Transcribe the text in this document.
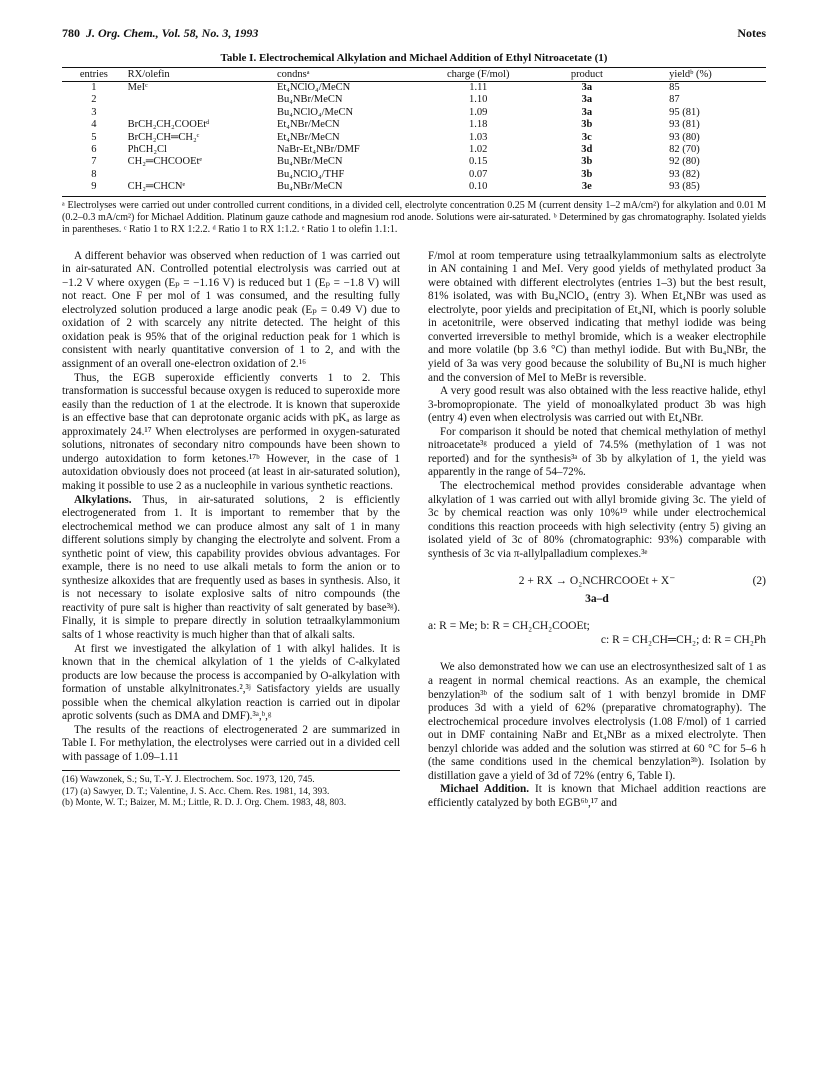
780 J. Org. Chem., Vol. 58, No. 3, 1993	Notes
Table I. Electrochemical Alkylation and Michael Addition of Ethyl Nitroacetate (1)
entries	RX/olefin	condnsᵃ	charge (F/mol)	product	yieldᵇ (%)
1	MeIᶜ	Et₄NClO₄/MeCN	1.11	3a	85
2		Bu₄NBr/MeCN	1.10	3a	87
3		Bu₄NClO₄/MeCN	1.09	3a	95 (81)
4	BrCH₂CH₂COOEtᵈ	Et₄NBr/MeCN	1.18	3b	93 (81)
5	BrCH₂CH═CH₂ᶜ	Et₄NBr/MeCN	1.03	3c	93 (80)
6	PhCH₂Cl	NaBr-Et₄NBr/DMF	1.02	3d	82 (70)
7	CH₂═CHCOOEtᵉ	Bu₄NBr/MeCN	0.15	3b	92 (80)
8		Bu₄NClO₄/THF	0.07	3b	93 (82)
9	CH₂═CHCNᵉ	Bu₄NBr/MeCN	0.10	3e	93 (85)
ᵃ Electrolyses were carried out under controlled current conditions, in a divided cell, electrolyte concentration 0.25 M (current density 1–2 mA/cm²) for alkylation and 0.01 M (0.2–0.3 mA/cm²) for Michael Addition. Platinum gauze cathode and magnesium rod anode. Solutions were air-saturated. ᵇ Determined by gas chromatography. Isolated yields in parentheses. ᶜ Ratio 1 to RX 1:2.2. ᵈ Ratio 1 to RX 1:1.2. ᵉ Ratio 1 to olefin 1.1:1.

A different behavior was observed when reduction of 1 was carried out in air-saturated AN. Controlled potential electrolysis was carried out at −1.2 V where oxygen (Eₚ = −1.16 V) is reduced but 1 (Eₚ = −1.8 V) will not react. One F per mol of 1 was consumed, and the resulting fully electrolyzed solution produced a large anodic peak (Eₚ = 0.49 V) due to oxidation of 2 with scarcely any nitrite detected. The height of this oxidation peak is 95% that of the original reduction peak for 1 which is consistent with nearly quantitative conversion of 1 to 2, and with the assignment of an overall one-electron oxidation of 2.¹⁶

Thus, the EGB superoxide efficiently converts 1 to 2. This transformation is successful because oxygen is reduced to superoxide more easily than the reduction of 1 at the electrode. It is known that superoxide is an effective base that can deprotonate organic acids with pKₐ as large as approximately 24.¹⁷ When electrolyses are performed in oxygen-saturated solutions, nitronates of secondary nitro compounds have been shown to undergo autoxidation to form ketones.¹⁷ᵇ However, in the case of 1 autoxidation obviously does not proceed (at least in air-saturated solution), making it possible to use 2 as a nucleophile in various synthetic reactions.

Alkylations. Thus, in air-saturated solutions, 2 is efficiently electrogenerated from 1. It is important to remember that by the electrochemical method we can produce almost any salt of 1 in many different solutions simply by changing the electrolyte and solvent. From a synthetic point of view, this capability provides obvious advantages. For example, there is no need to use alkali metals to form the anion or to synthesize alkoxides that are frequently used as bases in synthesis. Also, it is not necessary to isolate explosive salts of nitro compounds (the reactivity of pure salt is higher than reactivity of salt generated by base³ᵍ). Finally, it is simple to prepare directly in solution tetraalkylammonium salts of 1 whose reactivity is much higher than that of alkali salts.

At first we investigated the alkylation of 1 with alkyl halides. It is known that in the chemical alkylation of 1 the yields of C-alkylated products are low because the process is accompanied by O-alkylation with formation of unstable alkylnitronates.²,³ʲ Satisfactory yields are usually possible when the chemical alkylation reaction is carried out in dipolar aprotic solvents (such as DMA and DMF).³ᵃ,ᵇ,ᵍ

The results of the reactions of electrogenerated 2 are summarized in Table I. For methylation, the electrolyses were carried out in a divided cell with passage of 1.09–1.11

(16) Wawzonek, S.; Su, T.-Y. J. Electrochem. Soc. 1973, 120, 745.
(17) (a) Sawyer, D. T.; Valentine, J. S. Acc. Chem. Res. 1981, 14, 393.
(b) Monte, W. T.; Baizer, M. M.; Little, R. D. J. Org. Chem. 1983, 48, 803.

F/mol at room temperature using tetraalkylammonium salts as electrolyte in AN containing 1 and MeI. Very good yields of methylated product 3a were obtained with different electrolytes (entries 1–3) but the best result, 81% isolated, was with Bu₄NClO₄ (entry 3). When Et₄NBr was used as electrolyte, poor yields and precipitation of Et₄NI, which is poorly soluble in acetonitrile, were observed indicating that methyl iodide was being converted irreversible to methyl bromide, which is a weaker electrophile and more volatile (bp 3.6 °C) than methyl iodide. But with Bu₄NBr, the yield of 3a was very good because the solubility of Bu₄NI is much higher and the conversion of MeI to MeBr is reversible.

A very good result was also obtained with the less reactive halide, ethyl 3-bromopropionate. The yield of monoalkylated product 3b was high (entry 4) even when electrolysis was carried out with Et₄NBr.

For comparison it should be noted that chemical methylation of methyl nitroacetate³ᵍ produced a yield of 74.5% (methylation of 1 was not reported) and for the synthesis³ᵃ of 3b by alkylation of 1, the yield was apparently in the range of 54–72%.

The electrochemical method provides considerable advantage when alkylation of 1 was carried out with allyl bromide giving 3c. The yield of 3c by chemical reaction was only 10%¹⁹ while under electrochemical conditions this reaction proceeds with high selectivity (entry 5) giving an isolated yield of 3c of 80% (chromatographic: 93%) comparable with synthesis of 3c via π-allylpalladium complexes.³ᵉ

2 + RX → O₂NCHRCOOEt + X⁻	(2)
3a–d
a: R = Me; b: R = CH₂CH₂COOEt;
c: R = CH₂CH═CH₂; d: R = CH₂Ph

We also demonstrated how we can use an electrosynthesized salt of 1 as a reagent in normal chemical reactions. As an example, the chemical benzylation³ᵇ of the sodium salt of 1 with benzyl bromide in DMF produces 3d with a yield of 62% (preparative chromatography). The electrochemical procedure involves electrolysis (1.08 F/mol) of 1 carried out in DMF containing NaBr and Et₄NBr as a mixed electrolyte. Then benzyl chloride was added and the solution was stirred at 60 °C for 5–6 h (the same conditions used in the chemical benzylation³ᵇ). Isolation by distillation gave a yield of 3d of 72% (entry 6, Table I).

Michael Addition. It is known that Michael addition reactions are efficiently catalyzed by both EGB⁶ᵇ,¹⁷ and
